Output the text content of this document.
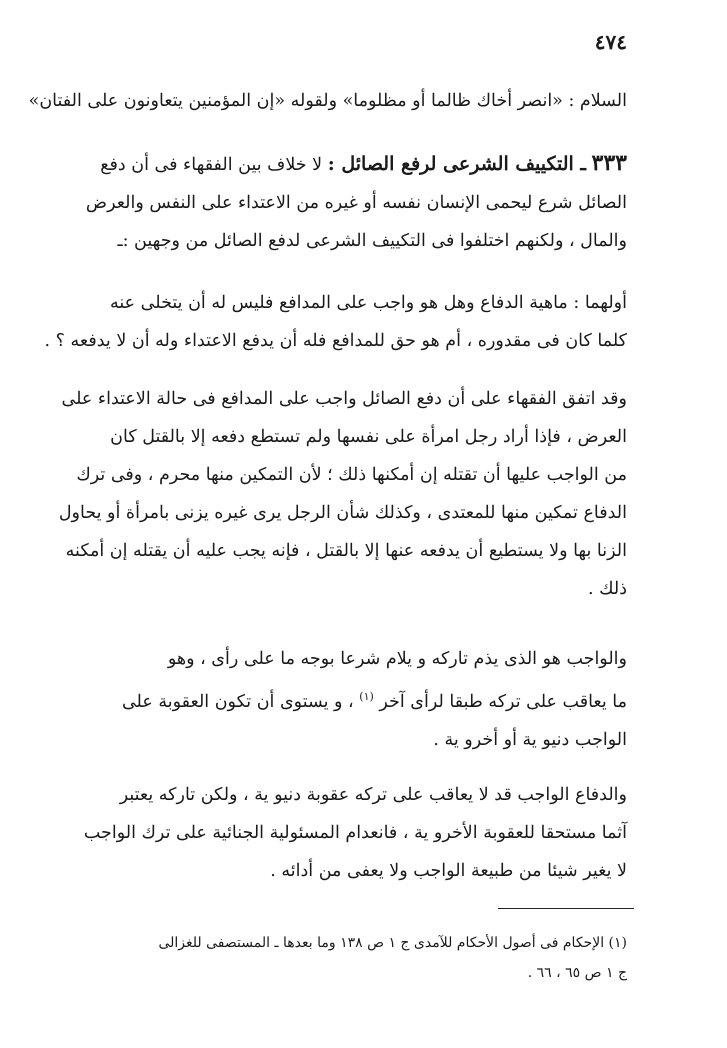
٤٧٤

السلام : «انصر أخاك ظالما أو مظلوما» ولقوله «إن المؤمنين يتعاونون على الفتان»

٣٣٣ ـ التكييف الشرعى لرفع الصائل : لا خلاف بين الفقهاء فى أن دفع
الصائل شرع ليحمى الإنسان نفسه أو غيره من الاعتداء على النفس والعرض
والمال ، ولكنهم اختلفوا فى التكييف الشرعى لدفع الصائل من وجهين :ـ

أولهما : ماهية الدفاع وهل هو واجب على المدافع فليس له أن يتخلى عنه
كلما كان فى مقدوره ، أم هو حق للمدافع فله أن يدفع الاعتداء وله أن لا يدفعه ؟ .

وقد اتفق الفقهاء على أن دفع الصائل واجب على المدافع فى حالة الاعتداء على
العرض ، فإذا أراد رجل امرأة على نفسها ولم تستطع دفعه إلا بالقتل كان
من الواجب عليها أن تقتله إن أمكنها ذلك ؛ لأن التمكين منها محرم ، وفى ترك
الدفاع تمكين منها للمعتدى ، وكذلك شأن الرجل يرى غيره يزنى بامرأة أو يحاول
الزنا بها ولا يستطيع أن يدفعه عنها إلا بالقتل ، فإنه يجب عليه أن يقتله إن أمكنه
ذلك .

والواجب هو الذى يذم تاركه و يلام شرعا بوجه ما على رأى ، وهو
ما يعاقب على تركه طبقا لرأى آخر $^{(١)}$ ، و يستوى أن تكون العقوبة على
الواجب دنيو ية أو أخرو ية .

والدفاع الواجب قد لا يعاقب على تركه عقوبة دنيو ية ، ولكن تاركه يعتبر
آثما مستحقا للعقوبة الأخرو ية ، فانعدام المسئولية الجنائية على ترك الواجب
لا يغير شيئا من طبيعة الواجب ولا يعفى من أدائه .

(١) الإحكام فى أصول الأحكام للآمدى ج ١ ص ١٣٨ وما بعدها ـ المستصفى للغزالى
ج ١ ص ٦٥ ، ٦٦ .
